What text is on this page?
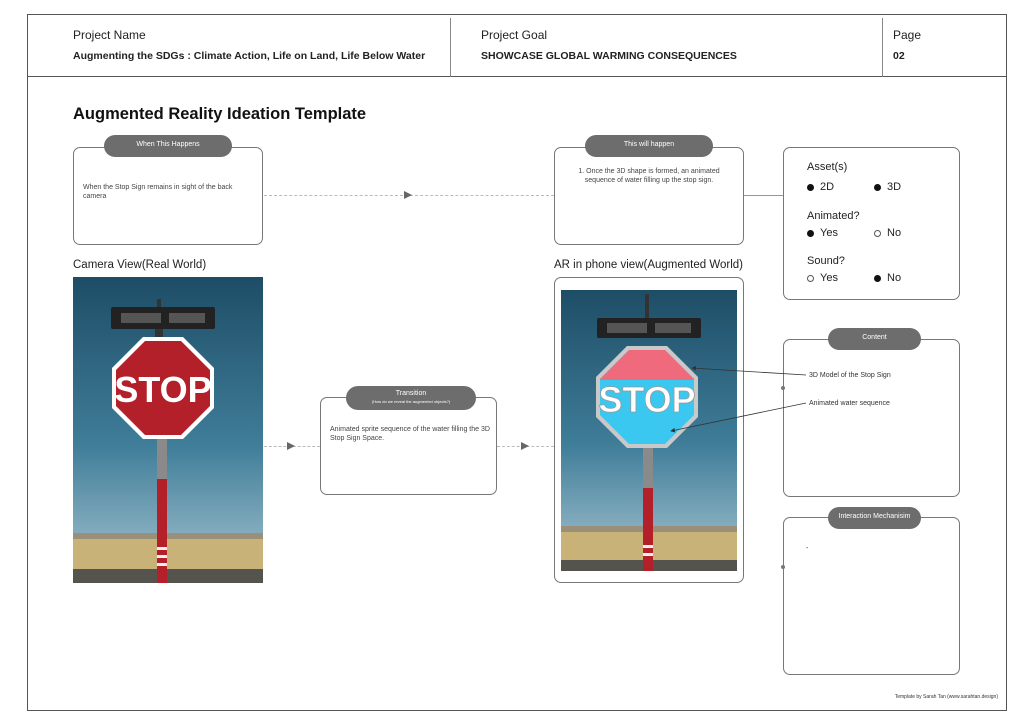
Project Name
Augmenting the SDGs : Climate Action, Life on Land, Life Below Water
Project Goal
SHOWCASE GLOBAL WARMING CONSEQUENCES
Page
02
Augmented Reality Ideation Template
When This Happens
When the Stop Sign remains in sight of the back camera
This will happen
1. Once the 3D shape is formed, an animated sequence of water filling up the stop sign.
Asset(s)
2D	3D
Animated?
Yes	No
Sound?
Yes	No
Camera View(Real World)	AR in phone view(Augmented World)
STOP	Transition
(How do we reveal the augmented objects?)
Animated sprite sequence of the water filling the 3D Stop Sign Space.
STOP
Content
3D Model of the Stop Sign
Animated water sequence
Interaction Mechanisim
-
Template by Sarah Tan (www.sarahtan.design)
